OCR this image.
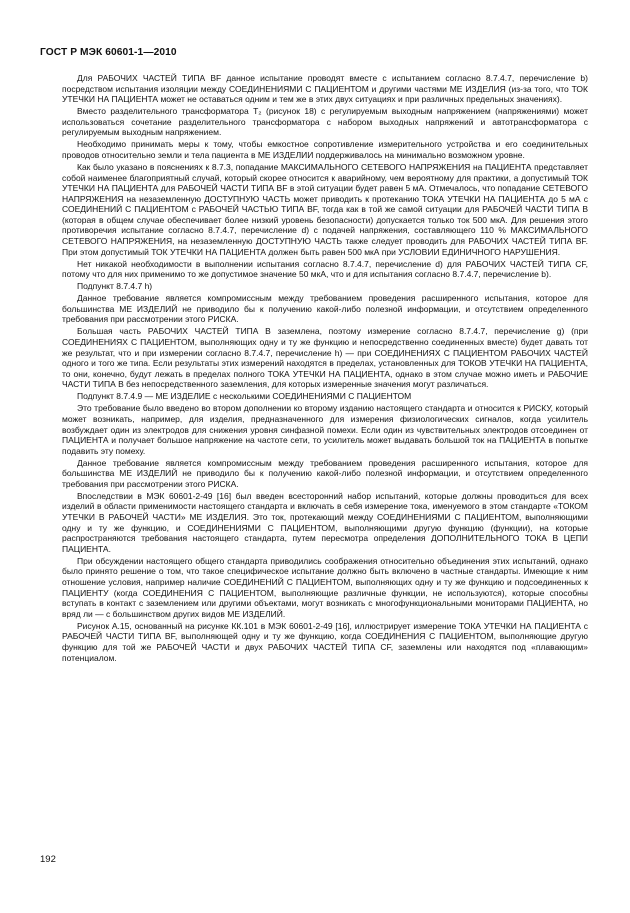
ГОСТ Р МЭК 60601-1—2010

Для РАБОЧИХ ЧАСТЕЙ ТИПА BF данное испытание проводят вместе с испытанием согласно 8.7.4.7, перечисление b) посредством испытания изоляции между СОЕДИНЕНИЯМИ С ПАЦИЕНТОМ и другими частями МЕ ИЗДЕЛИЯ (из-за того, что ТОК УТЕЧКИ НА ПАЦИЕНТА может не оставаться одним и тем же в этих двух ситуациях и при различных предельных значениях).

Вместо разделительного трансформатора T₂ (рисунок 18) с регулируемым выходным напряжением (напряжениями) может использоваться сочетание разделительного трансформатора с набором выходных напряжений и автотрансформатора с регулируемым выходным напряжением.

Необходимо принимать меры к тому, чтобы емкостное сопротивление измерительного устройства и его соединительных проводов относительно земли и тела пациента в МЕ ИЗДЕЛИИ поддерживалось на минимально возможном уровне.

Как было указано в пояснениях к 8.7.3, попадание МАКСИМАЛЬНОГО СЕТЕВОГО НАПРЯЖЕНИЯ на ПАЦИЕНТА представляет собой наименее благоприятный случай, который скорее относится к аварийному, чем вероятному для практики, а допустимый ТОК УТЕЧКИ НА ПАЦИЕНТА для РАБОЧЕЙ ЧАСТИ ТИПА BF в этой ситуации будет равен 5 мА. Отмечалось, что попадание СЕТЕВОГО НАПРЯЖЕНИЯ на незаземленную ДОСТУПНУЮ ЧАСТЬ может приводить к протеканию ТОКА УТЕЧКИ НА ПАЦИЕНТА до 5 мА с СОЕДИНЕНИЙ С ПАЦИЕНТОМ с РАБОЧЕЙ ЧАСТЬЮ ТИПА BF, тогда как в той же самой ситуации для РАБОЧЕЙ ЧАСТИ ТИПА B (которая в общем случае обеспечивает более низкий уровень безопасности) допускается только ток 500 мкА. Для решения этого противоречия испытание согласно 8.7.4.7, перечисление d) с подачей напряжения, составляющего 110 % МАКСИМАЛЬНОГО СЕТЕВОГО НАПРЯЖЕНИЯ, на незаземленную ДОСТУПНУЮ ЧАСТЬ также следует проводить для РАБОЧИХ ЧАСТЕЙ ТИПА BF. При этом допустимый ТОК УТЕЧКИ НА ПАЦИЕНТА должен быть равен 500 мкА при УСЛОВИИ ЕДИНИЧНОГО НАРУШЕНИЯ.

Нет никакой необходимости в выполнении испытания согласно 8.7.4.7, перечисление d) для РАБОЧИХ ЧАСТЕЙ ТИПА CF, потому что для них применимо то же допустимое значение 50 мкА, что и для испытания согласно 8.7.4.7, перечисление b).

Подпункт 8.7.4.7 h)

Данное требование является компромиссным между требованием проведения расширенного испытания, которое для большинства МЕ ИЗДЕЛИЙ не приводило бы к получению какой-либо полезной информации, и отсутствием определенного требования при рассмотрении этого РИСКА.

Большая часть РАБОЧИХ ЧАСТЕЙ ТИПА B заземлена, поэтому измерение согласно 8.7.4.7, перечисление g) (при СОЕДИНЕНИЯХ С ПАЦИЕНТОМ, выполняющих одну и ту же функцию и непосредственно соединенных вместе) будет давать тот же результат, что и при измерении согласно 8.7.4.7, перечисление h) — при СОЕДИНЕНИЯХ С ПАЦИЕНТОМ РАБОЧИХ ЧАСТЕЙ одного и того же типа. Если результаты этих измерений находятся в пределах, установленных для ТОКОВ УТЕЧКИ НА ПАЦИЕНТА, то они, конечно, будут лежать в пределах полного ТОКА УТЕЧКИ НА ПАЦИЕНТА, однако в этом случае можно иметь и РАБОЧИЕ ЧАСТИ ТИПА B без непосредственного заземления, для которых измеренные значения могут различаться.

Подпункт 8.7.4.9 — МЕ ИЗДЕЛИЕ с несколькими СОЕДИНЕНИЯМИ С ПАЦИЕНТОМ

Это требование было введено во втором дополнении ко второму изданию настоящего стандарта и относится к РИСКУ, который может возникать, например, для изделия, предназначенного для измерения физиологических сигналов, когда усилитель возбуждает один из электродов для снижения уровня синфазной помехи. Если один из чувствительных электродов отсоединен от ПАЦИЕНТА и получает большое напряжение на частоте сети, то усилитель может выдавать большой ток на ПАЦИЕНТА в попытке подавить эту помеху.

Данное требование является компромиссным между требованием проведения расширенного испытания, которое для большинства МЕ ИЗДЕЛИЙ не приводило бы к получению какой-либо полезной информации, и отсутствием определенного требования при рассмотрении этого РИСКА.

Впоследствии в МЭК 60601-2-49 [16] был введен всесторонний набор испытаний, которые должны проводиться для всех изделий в области применимости настоящего стандарта и включать в себя измерение тока, именуемого в этом стандарте «ТОКОМ УТЕЧКИ В РАБОЧЕЙ ЧАСТИ» МЕ ИЗДЕЛИЯ. Это ток, протекающий между СОЕДИНЕНИЯМИ С ПАЦИЕНТОМ, выполняющими одну и ту же функцию, и СОЕДИНЕНИЯМИ С ПАЦИЕНТОМ, выполняющими другую функцию (функции), на которые распространяются требования настоящего стандарта, путем пересмотра определения ДОПОЛНИТЕЛЬНОГО ТОКА В ЦЕПИ ПАЦИЕНТА.

При обсуждении настоящего общего стандарта приводились соображения относительно объединения этих испытаний, однако было принято решение о том, что такое специфическое испытание должно быть включено в частные стандарты. Имеющие к ним отношение условия, например наличие СОЕДИНЕНИЙ С ПАЦИЕНТОМ, выполняющих одну и ту же функцию и подсоединенных к ПАЦИЕНТУ (когда СОЕДИНЕНИЯ С ПАЦИЕНТОМ, выполняющие различные функции, не используются), которые способны вступать в контакт с заземлением или другими объектами, могут возникать с многофункциональными мониторами ПАЦИЕНТА, но вряд ли — с большинством других видов МЕ ИЗДЕЛИЙ.

Рисунок А.15, основанный на рисунке КК.101 в МЭК 60601-2-49 [16], иллюстрирует измерение ТОКА УТЕЧКИ НА ПАЦИЕНТА с РАБОЧЕЙ ЧАСТИ ТИПА BF, выполняющей одну и ту же функцию, когда СОЕДИНЕНИЯ С ПАЦИЕНТОМ, выполняющие другую функцию для той же РАБОЧЕЙ ЧАСТИ и двух РАБОЧИХ ЧАСТЕЙ ТИПА CF, заземлены или находятся под «плавающим» потенциалом.

192
